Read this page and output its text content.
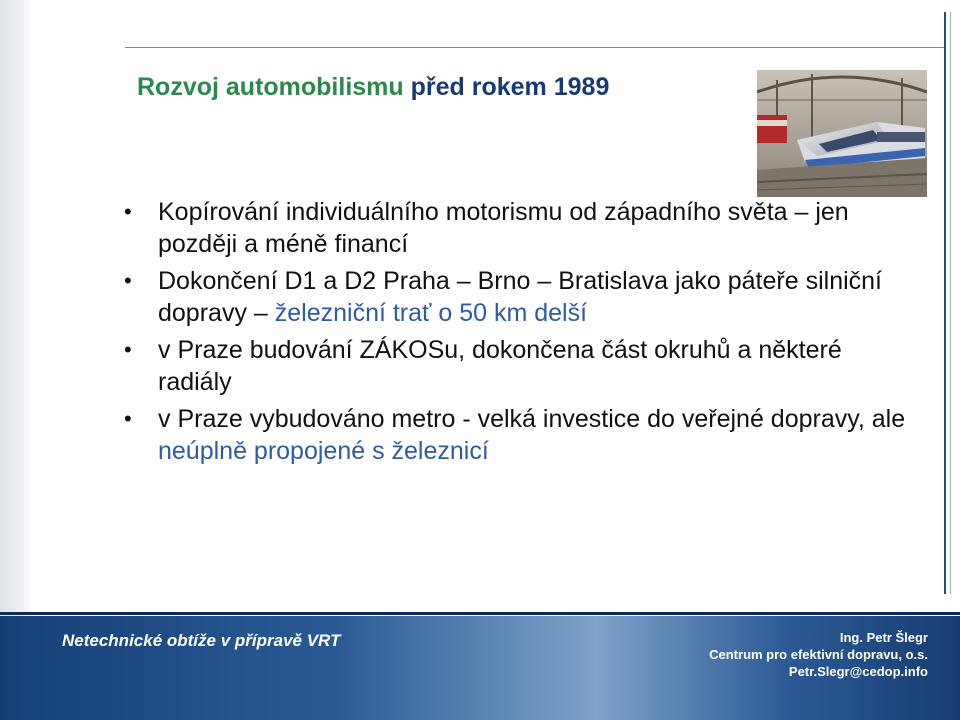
Rozvoj automobilismu před rokem 1989
• Kopírování individuálního motorismu od západního světa – jen později a méně financí
• Dokončení D1 a D2 Praha – Brno – Bratislava jako páteře silniční dopravy – železniční trať o 50 km delší
• v Praze budování ZÁKOSu, dokončena část okruhů a některé radiály
• v Praze vybudováno metro - velká investice do veřejné dopravy, ale neúplně propojené s železnicí
Netechnické obtíže v přípravě VRT	Ing. Petr Šlegr
Centrum pro efektivní dopravu, o.s.
Petr.Slegr@cedop.info
